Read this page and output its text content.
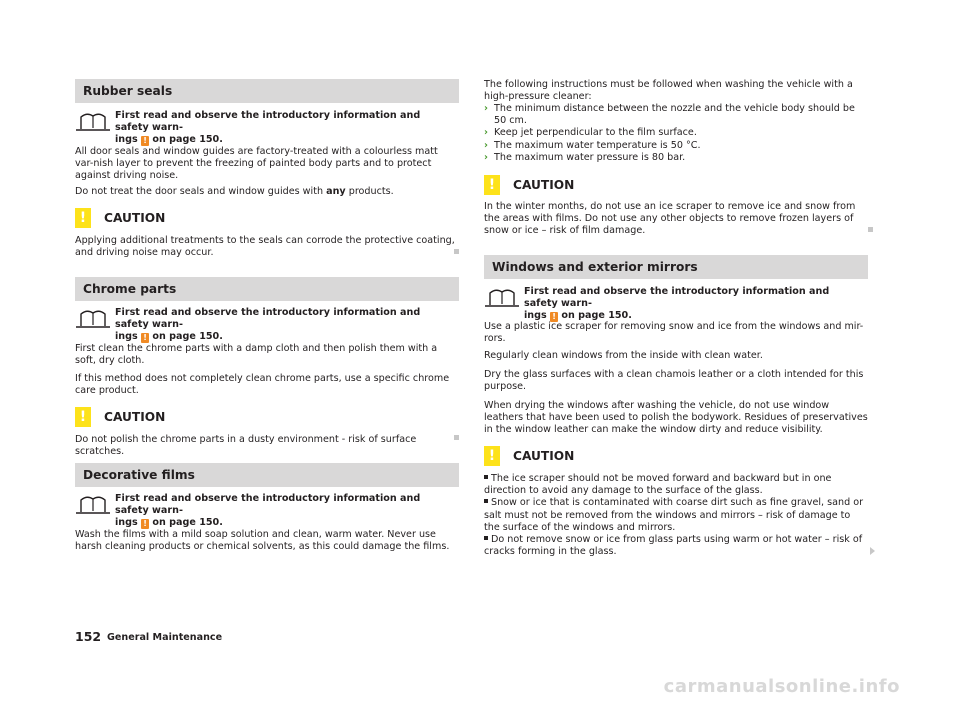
Rubber seals
First read and observe the introductory information and safety warn-
ings ! on page 150.

All door seals and window guides are factory-treated with a colourless matt var-nish layer to prevent the freezing of painted body parts and to protect against driving noise.

Do not treat the door seals and window guides with any products.

!	CAUTION

Applying additional treatments to the seals can corrode the protective coating, and driving noise may occur.

Chrome parts
First read and observe the introductory information and safety warn-
ings ! on page 150.

First clean the chrome parts with a damp cloth and then polish them with a soft, dry cloth.

If this method does not completely clean chrome parts, use a specific chrome care product.

!	CAUTION

Do not polish the chrome parts in a dusty environment - risk of surface scratches.

Decorative films
First read and observe the introductory information and safety warn-
ings ! on page 150.

Wash the films with a mild soap solution and clean, warm water. Never use harsh cleaning products or chemical solvents, as this could damage the films.

The following instructions must be followed when washing the vehicle with a high-pressure cleaner:

› The minimum distance between the nozzle and the vehicle body should be 50 cm.
› Keep jet perpendicular to the film surface.
› The maximum water temperature is 50 °C.
› The maximum water pressure is 80 bar.
!	CAUTION

In the winter months, do not use an ice scraper to remove ice and snow from the areas with films. Do not use any other objects to remove frozen layers of snow or ice – risk of film damage.

Windows and exterior mirrors
First read and observe the introductory information and safety warn-
ings ! on page 150.

Use a plastic ice scraper for removing snow and ice from the windows and mir-rors.

Regularly clean windows from the inside with clean water.

Dry the glass surfaces with a clean chamois leather or a cloth intended for this purpose.

When drying the windows after washing the vehicle, do not use window leathers that have been used to polish the bodywork. Residues of preservatives in the window leather can make the window dirty and reduce visibility.

!	CAUTION
The ice scraper should not be moved forward and backward but in one direction to avoid any damage to the surface of the glass.
Snow or ice that is contaminated with coarse dirt such as fine gravel, sand or salt must not be removed from the windows and mirrors – risk of damage to the surface of the windows and mirrors.
Do not remove snow or ice from glass parts using warm or hot water – risk of cracks forming in the glass.
152 General Maintenance
carmanualsonline.info
